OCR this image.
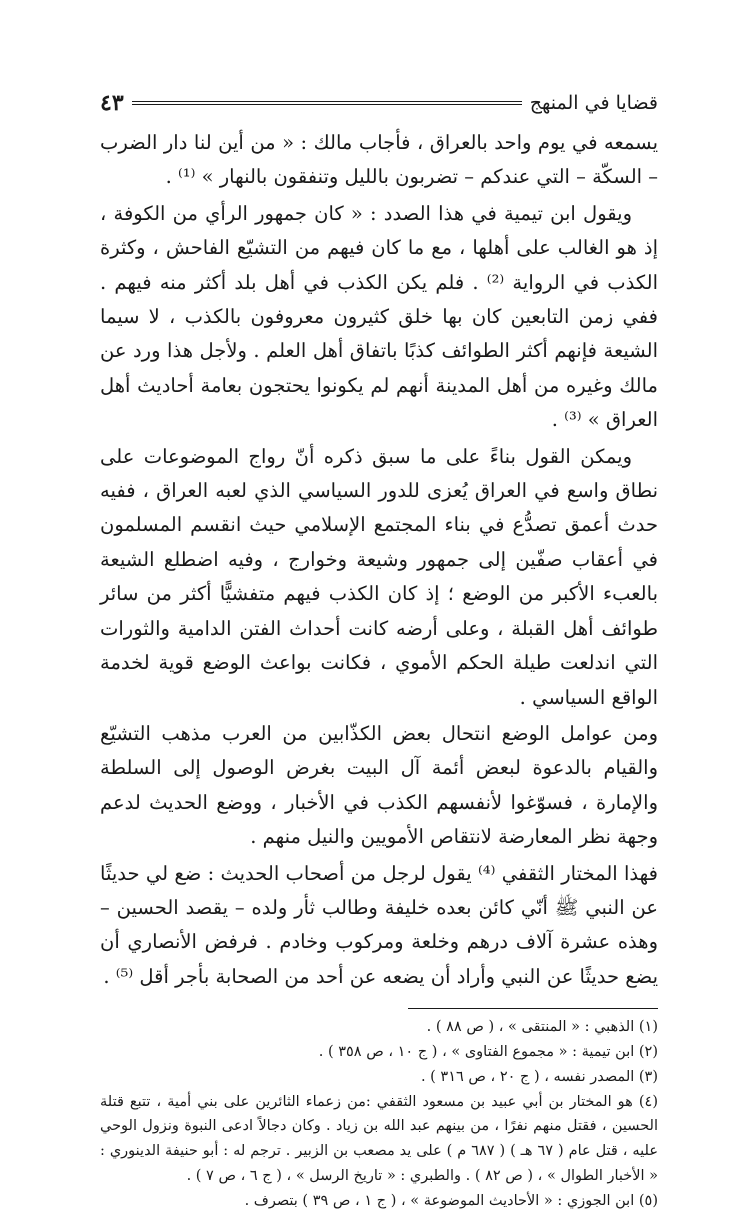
قضايا في المنهج
٤٣

يسمعه في يوم واحد بالعراق ، فأجاب مالك : « من أين لنا دار الضرب – السكّة – التي عندكم – تضربون بالليل وتنفقون بالنهار » ⁽¹⁾ .

ويقول ابن تيمية في هذا الصدد : « كان جمهور الرأي من الكوفة ، إذ هو الغالب على أهلها ، مع ما كان فيهم من التشيّع الفاحش ، وكثرة الكذب في الرواية ⁽²⁾ . فلم يكن الكذب في أهل بلد أكثر منه فيهم . ففي زمن التابعين كان بها خلق كثيرون معروفون بالكذب ، لا سيما الشيعة فإنهم أكثر الطوائف كذبًا باتفاق أهل العلم . ولأجل هذا ورد عن مالك وغيره من أهل المدينة أنهم لم يكونوا يحتجون بعامة أحاديث أهل العراق » ⁽³⁾ .

ويمكن القول بناءً على ما سبق ذكره أنّ رواج الموضوعات على نطاق واسع في العراق يُعزى للدور السياسي الذي لعبه العراق ، ففيه حدث أعمق تصدُّع في بناء المجتمع الإسلامي حيث انقسم المسلمون في أعقاب صفّين إلى جمهور وشيعة وخوارج ، وفيه اضطلع الشيعة بالعبء الأكبر من الوضع ؛ إذ كان الكذب فيهم متفشيًّا أكثر من سائر طوائف أهل القبلة ، وعلى أرضه كانت أحداث الفتن الدامية والثورات التي اندلعت طيلة الحكم الأموي ، فكانت بواعث الوضع قوية لخدمة الواقع السياسي .

ومن عوامل الوضع انتحال بعض الكذّابين من العرب مذهب التشيّع والقيام بالدعوة لبعض أئمة آل البيت بغرض الوصول إلى السلطة والإمارة ، فسوّغوا لأنفسهم الكذب في الأخبار ، ووضع الحديث لدعم وجهة نظر المعارضة لانتقاص الأمويين والنيل منهم .

فهذا المختار الثقفي ⁽⁴⁾ يقول لرجل من أصحاب الحديث : ضع لي حديثًا عن النبي ﷺ أنّي كائن بعده خليفة وطالب ثأر ولده – يقصد الحسين – وهذه عشرة آلاف درهم وخلعة ومركوب وخادم . فرفض الأنصاري أن يضع حديثًا عن النبي وأراد أن يضعه عن أحد من الصحابة بأجر أقل ⁽⁵⁾ .

(١) الذهبي : « المنتقى » ، ( ص ٨٨ ) .

(٢) ابن تيمية : « مجموع الفتاوى » ، ( ج ١٠ ، ص ٣٥٨ ) .

(٣) المصدر نفسه ، ( ج ٢٠ ، ص ٣١٦ ) .

(٤) هو المختار بن أبي عبيد بن مسعود الثقفي :من زعماء الثائرين على بني أمية ، تتبع قتلة الحسين ، فقتل منهم نفرًا ، من بينهم عبد الله بن زياد . وكان دجالاً ادعى النبوة ونزول الوحي عليه ، قتل عام ( ٦٧ هـ ) ( ٦٨٧ م ) على يد مصعب بن الزبير . ترجم له : أبو حنيفة الدينوري : « الأخبار الطوال » ، ( ص ٨٢ ) . والطبري : « تاريخ الرسل » ، ( ج ٦ ، ص ٧ ) .

(٥) ابن الجوزي : « الأحاديث الموضوعة » ، ( ج ١ ، ص ٣٩ ) بتصرف .
